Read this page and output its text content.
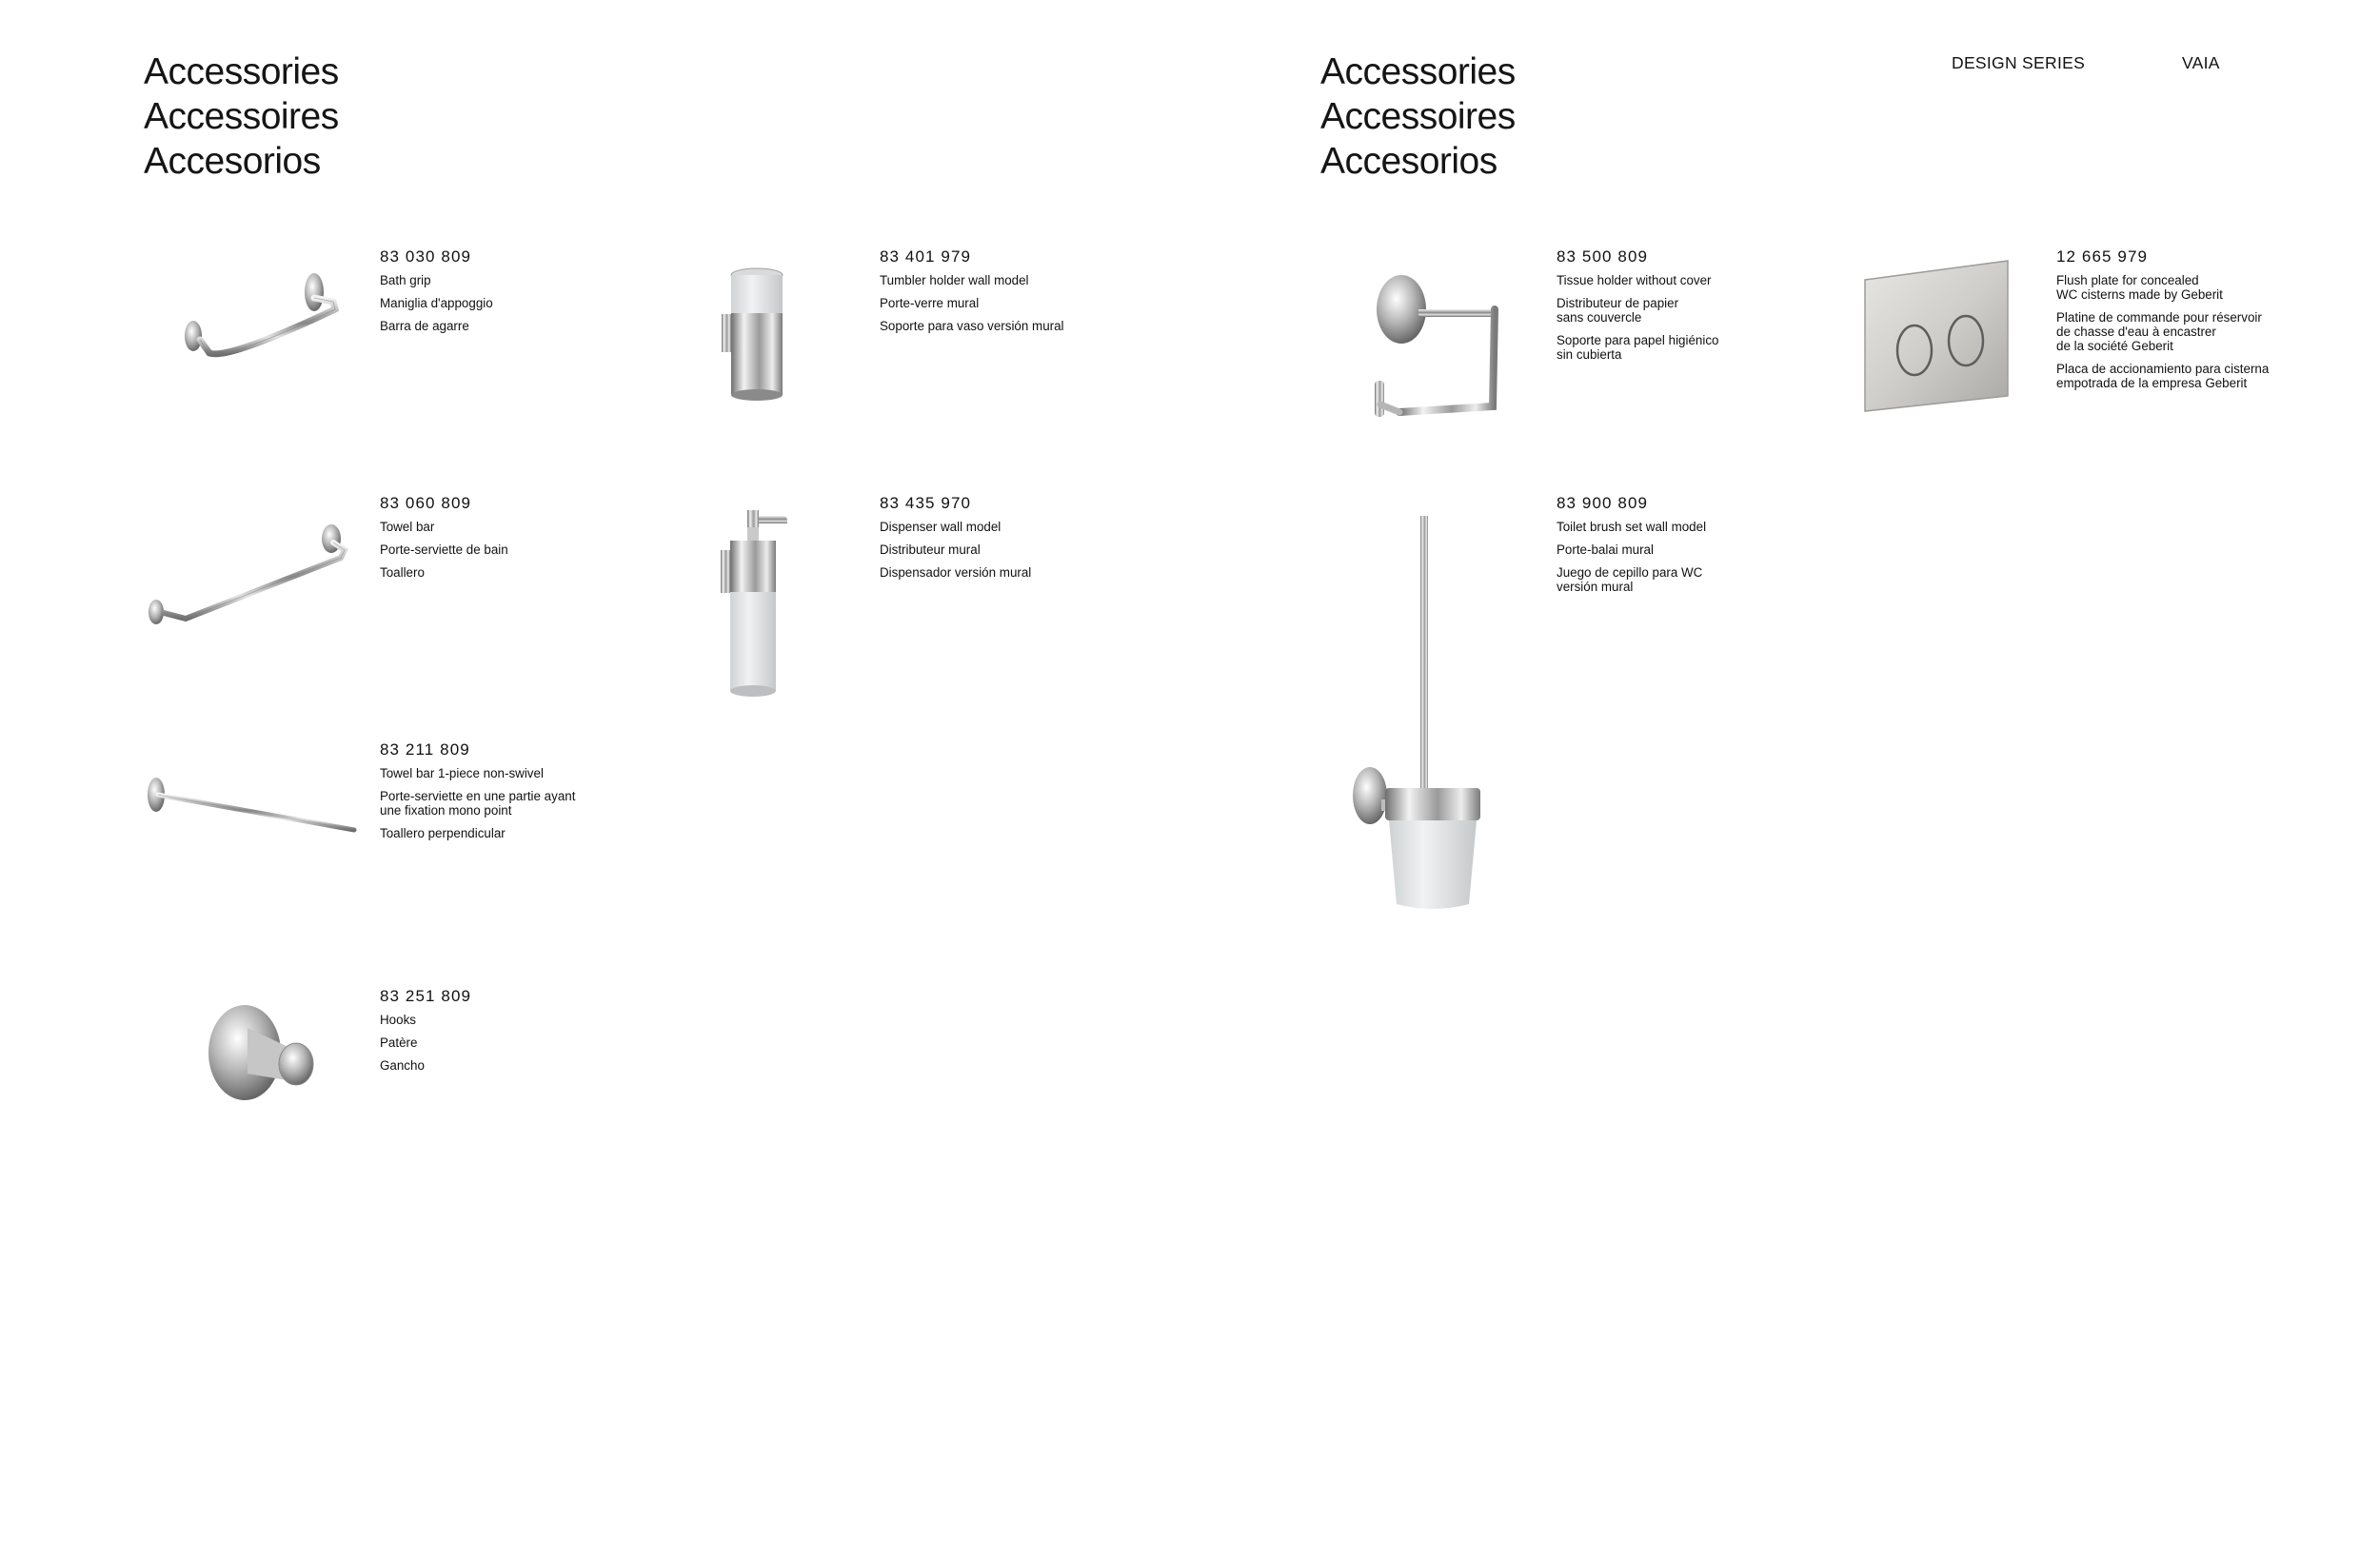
Accessories
Accessoires
Accesorios
Accessories
Accessoires
Accesorios
DESIGN SERIES	VAIA
83 030 809
Bath grip
Maniglia d'appoggio
Barra de agarre
83 401 979
Tumbler holder wall model
Porte-verre mural
Soporte para vaso versión mural
83 060 809
Towel bar
Porte-serviette de bain
Toallero
83 435 970
Dispenser wall model
Distributeur mural
Dispensador versión mural
83 211 809
Towel bar 1-piece non-swivel
Porte-serviette en une partie ayant
une fixation mono point
Toallero perpendicular
83 251 809
Hooks
Patère
Gancho
83 500 809
Tissue holder without cover
Distributeur de papier
sans couvercle
Soporte para papel higiénico
sin cubierta
12 665 979
Flush plate for concealed
WC cisterns made by Geberit
Platine de commande pour réservoir
de chasse d'eau à encastrer
de la société Geberit
Placa de accionamiento para cisterna
empotrada de la empresa Geberit
83 900 809
Toilet brush set wall model
Porte-balai mural
Juego de cepillo para WC
versión mural
